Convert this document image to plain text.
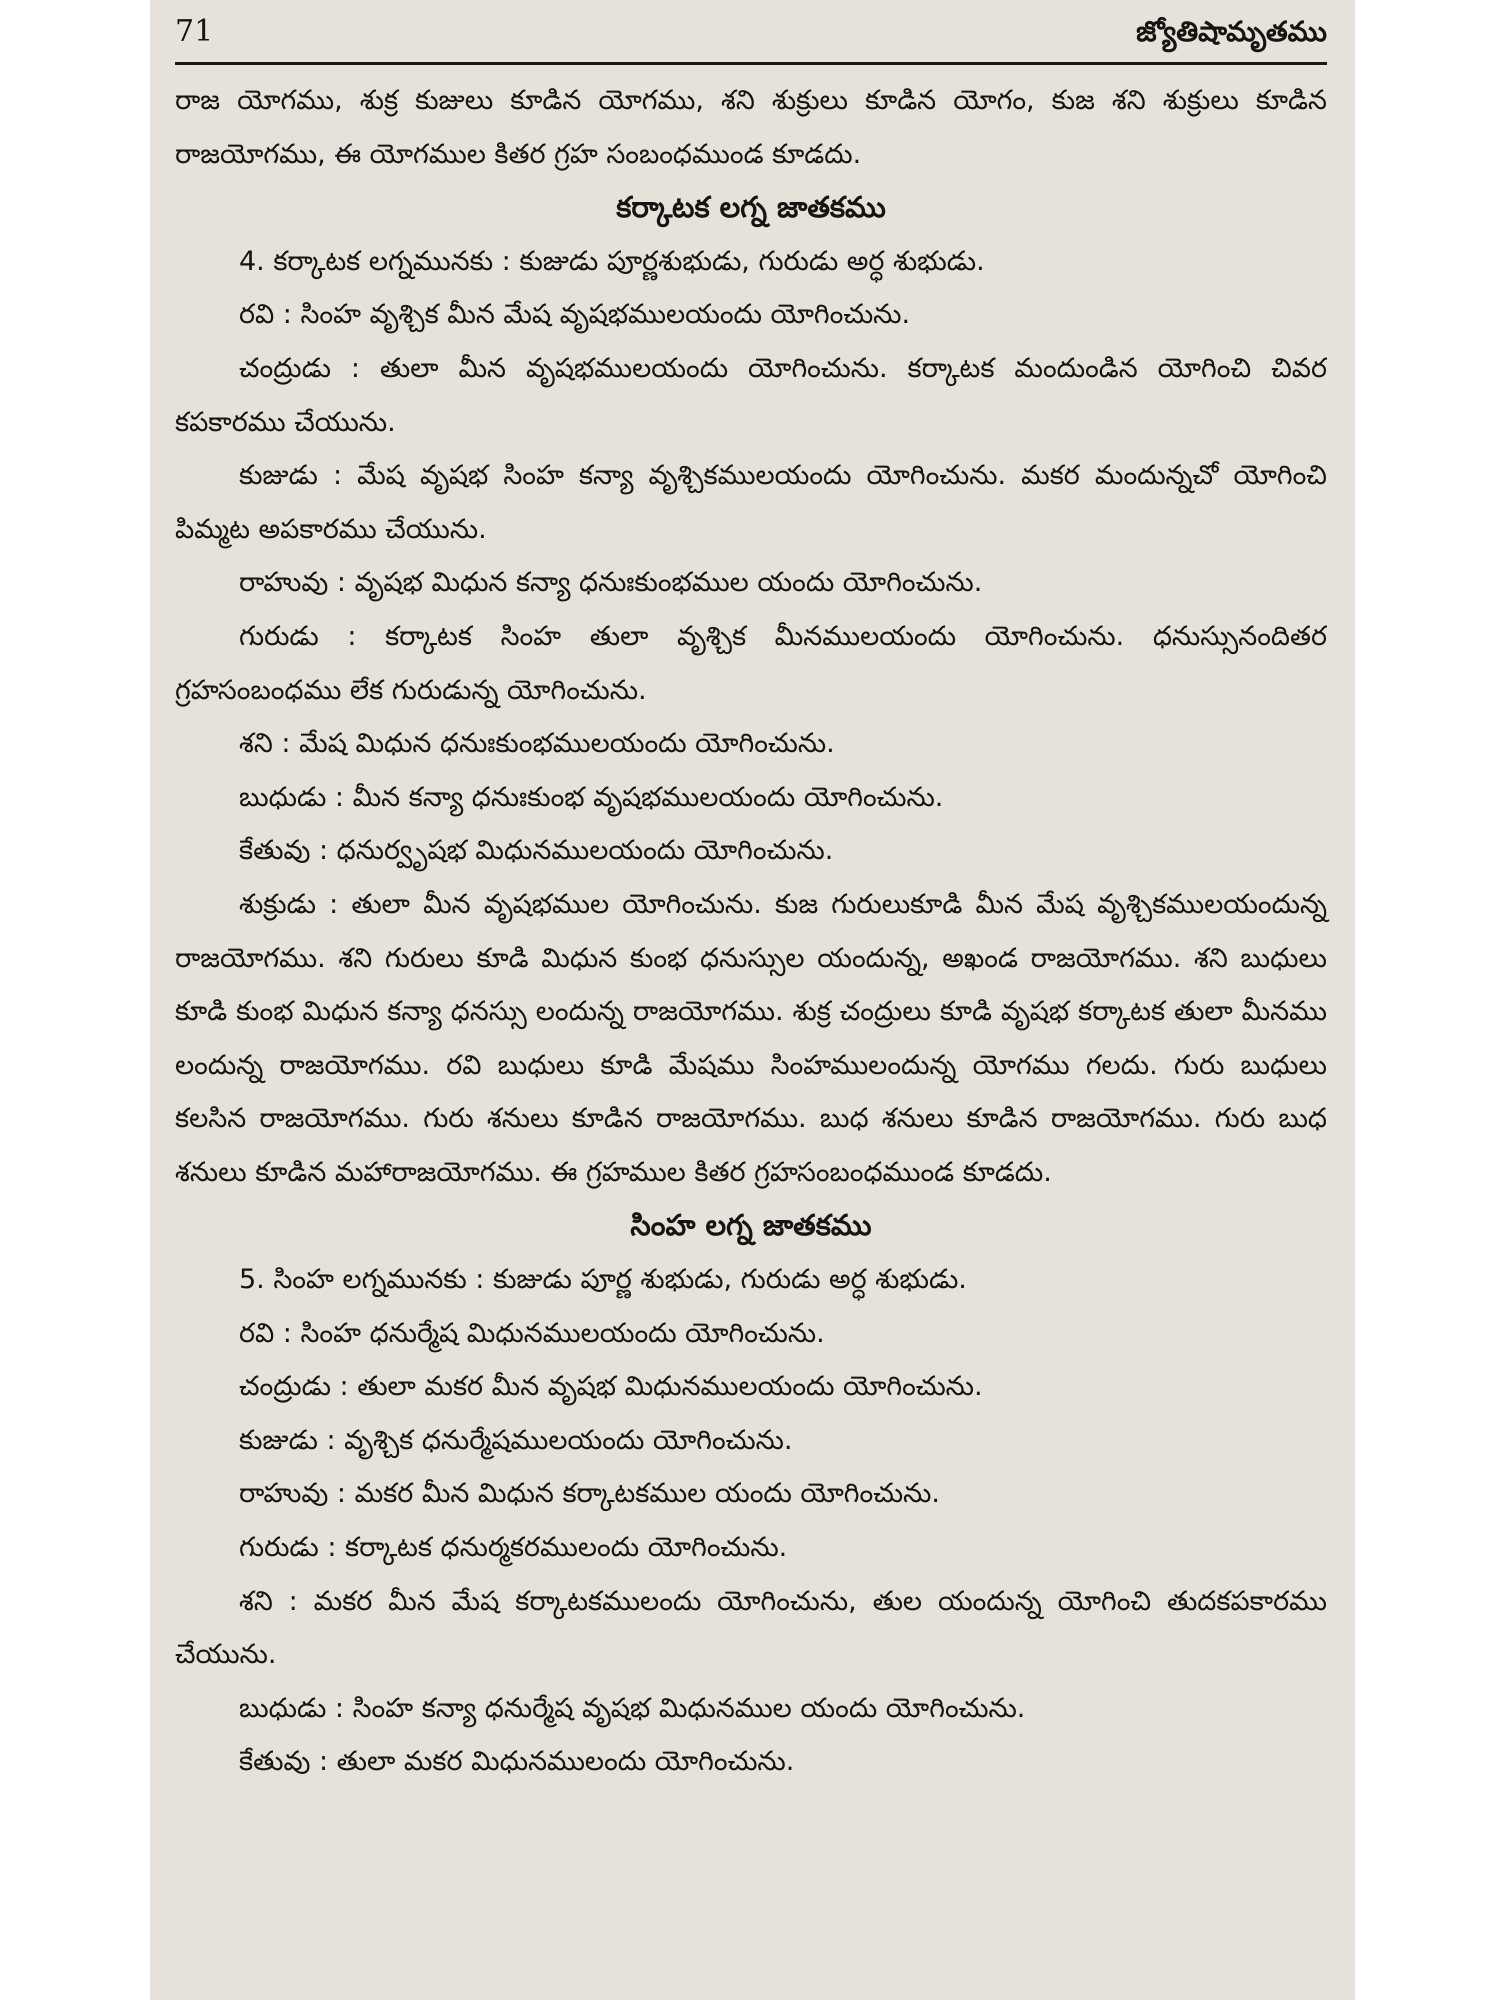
71	జ్యోతిషామృతము

రాజ యోగము, శుక్ర కుజులు కూడిన యోగము, శని శుక్రులు కూడిన యోగం, కుజ శని శుక్రులు కూడిన రాజయోగము, ఈ యోగముల కితర గ్రహ సంబంధముండ కూడదు.

కర్కాటక లగ్న జాతకము

4. కర్కాటక లగ్నమునకు : కుజుడు పూర్ణశుభుడు, గురుడు అర్ధ శుభుడు.

రవి : సింహ వృశ్చిక మీన మేష వృషభములయందు యోగించును.

చంద్రుడు : తులా మీన వృషభములయందు యోగించును. కర్కాటక మందుండిన యోగించి చివర కపకారము చేయును.

కుజుడు : మేష వృషభ సింహ కన్యా వృశ్చికములయందు యోగించును. మకర మందున్నచో యోగించి పిమ్మట అపకారము చేయును.

రాహువు : వృషభ మిధున కన్యా ధనుఃకుంభముల యందు యోగించును.

గురుడు : కర్కాటక సింహ తులా వృశ్చిక మీనములయందు యోగించును. ధనుస్సునందితర గ్రహసంబంధము లేక గురుడున్న యోగించును.

శని : మేష మిధున ధనుఃకుంభములయందు యోగించును.

బుధుడు : మీన కన్యా ధనుఃకుంభ వృషభములయందు యోగించును.

కేతువు : ధనుర్వృషభ మిధునములయందు యోగించును.

శుక్రుడు : తులా మీన వృషభముల యోగించును. కుజ గురులుకూడి మీన మేష వృశ్చికములయందున్న రాజయోగము. శని గురులు కూడి మిధున కుంభ ధనుస్సుల యందున్న, అఖండ రాజయోగము. శని బుధులు కూడి కుంభ మిధున కన్యా ధనస్సు లందున్న రాజయోగము. శుక్ర చంద్రులు కూడి వృషభ కర్కాటక తులా మీనము లందున్న రాజయోగము. రవి బుధులు కూడి మేషము సింహములందున్న యోగము గలదు. గురు బుధులు కలసిన రాజయోగము. గురు శనులు కూడిన రాజయోగము. బుధ శనులు కూడిన రాజయోగము. గురు బుధ శనులు కూడిన మహారాజయోగము. ఈ గ్రహముల కితర గ్రహసంబంధముండ కూడదు.

సింహ లగ్న జాతకము

5. సింహ లగ్నమునకు : కుజుడు పూర్ణ శుభుడు, గురుడు అర్ధ శుభుడు.

రవి : సింహ ధనుర్మేష మిధునములయందు యోగించును.

చంద్రుడు : తులా మకర మీన వృషభ మిధునములయందు యోగించును.

కుజుడు : వృశ్చిక ధనుర్మేషములయందు యోగించును.

రాహువు : మకర మీన మిధున కర్కాటకముల యందు యోగించును.

గురుడు : కర్కాటక ధనుర్మకరములందు యోగించును.

శని : మకర మీన మేష కర్కాటకములందు యోగించును, తుల యందున్న యోగించి తుదకపకారము చేయును.

బుధుడు : సింహ కన్యా ధనుర్మేష వృషభ మిధునముల యందు యోగించును.

కేతువు : తులా మకర మిధునములందు యోగించును.
